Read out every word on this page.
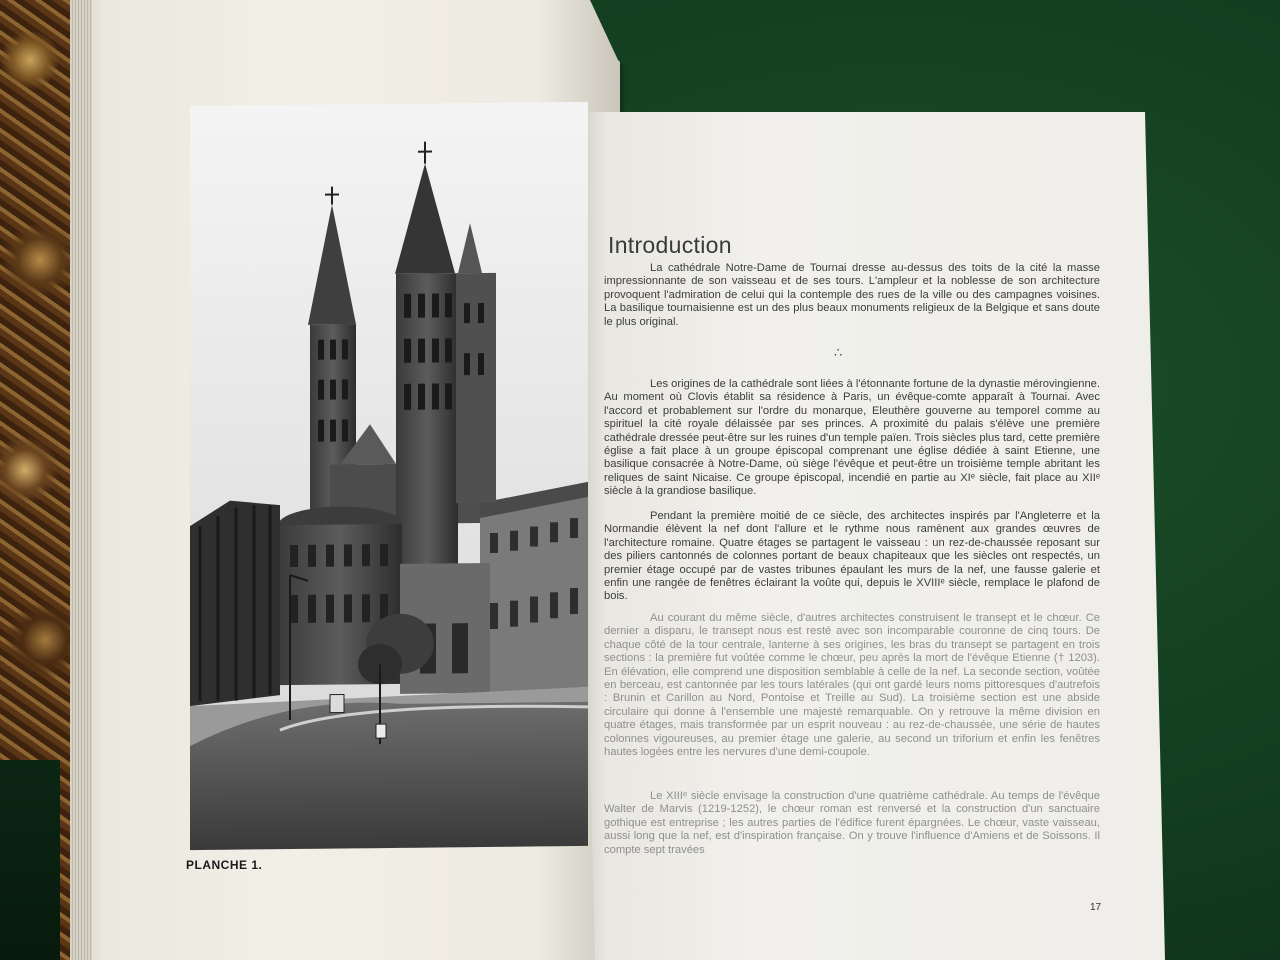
PLANCHE 1.
Introduction

La cathédrale Notre-Dame de Tournai dresse au-dessus des toits de la cité la masse impressionnante de son vaisseau et de ses tours. L'ampleur et la noblesse de son architecture provoquent l'admiration de celui qui la contemple des rues de la ville ou des campagnes voisines. La basilique tournaisienne est un des plus beaux monuments religieux de la Belgique et sans doute le plus original.

∴

Les origines de la cathédrale sont liées à l'étonnante fortune de la dynastie mérovingienne. Au moment où Clovis établit sa résidence à Paris, un évêque-comte apparaît à Tournai. Avec l'accord et probablement sur l'ordre du monarque, Eleuthère gouverne au temporel comme au spirituel la cité royale délaissée par ses princes. A proximité du palais s'élève une première cathédrale dressée peut-être sur les ruines d'un temple païen. Trois siècles plus tard, cette première église a fait place à un groupe épiscopal comprenant une église dédiée à saint Etienne, une basilique consacrée à Notre-Dame, où siège l'évêque et peut-être un troisième temple abritant les reliques de saint Nicaise. Ce groupe épiscopal, incendié en partie au XIᵉ siècle, fait place au XIIᵉ siècle à la grandiose basilique.

Pendant la première moitié de ce siècle, des architectes inspirés par l'Angleterre et la Normandie élèvent la nef dont l'allure et le rythme nous ramènent aux grandes œuvres de l'architecture romaine. Quatre étages se partagent le vaisseau : un rez-de-chaussée reposant sur des piliers cantonnés de colonnes portant de beaux chapiteaux que les siècles ont respectés, un premier étage occupé par de vastes tribunes épaulant les murs de la nef, une fausse galerie et enfin une rangée de fenêtres éclairant la voûte qui, depuis le XVIIIᵉ siècle, remplace le plafond de bois.

Au courant du même siècle, d'autres architectes construisent le transept et le chœur. Ce dernier a disparu, le transept nous est resté avec son incomparable couronne de cinq tours. De chaque côté de la tour centrale, lanterne à ses origines, les bras du transept se partagent en trois sections : la première fut voûtée comme le chœur, peu après la mort de l'évêque Etienne († 1203). En élévation, elle comprend une disposition semblable à celle de la nef. La seconde section, voûtée en berceau, est cantonnée par les tours latérales (qui ont gardé leurs noms pittoresques d'autrefois : Brunin et Carillon au Nord, Pontoise et Treille au Sud). La troisième section est une abside circulaire qui donne à l'ensemble une majesté remarquable. On y retrouve la même division en quatre étages, mais transformée par un esprit nouveau : au rez-de-chaussée, une série de hautes colonnes vigoureuses, au premier étage une galerie, au second un triforium et enfin les fenêtres hautes logées entre les nervures d'une demi-coupole.

Le XIIIᵉ siècle envisage la construction d'une quatrième cathédrale. Au temps de l'évêque Walter de Marvis (1219-1252), le chœur roman est renversé et la construction d'un sanctuaire gothique est entreprise ; les autres parties de l'édifice furent épargnées. Le chœur, vaste vaisseau, aussi long que la nef, est d'inspiration française. On y trouve l'influence d'Amiens et de Soissons. Il compte sept travées

17
